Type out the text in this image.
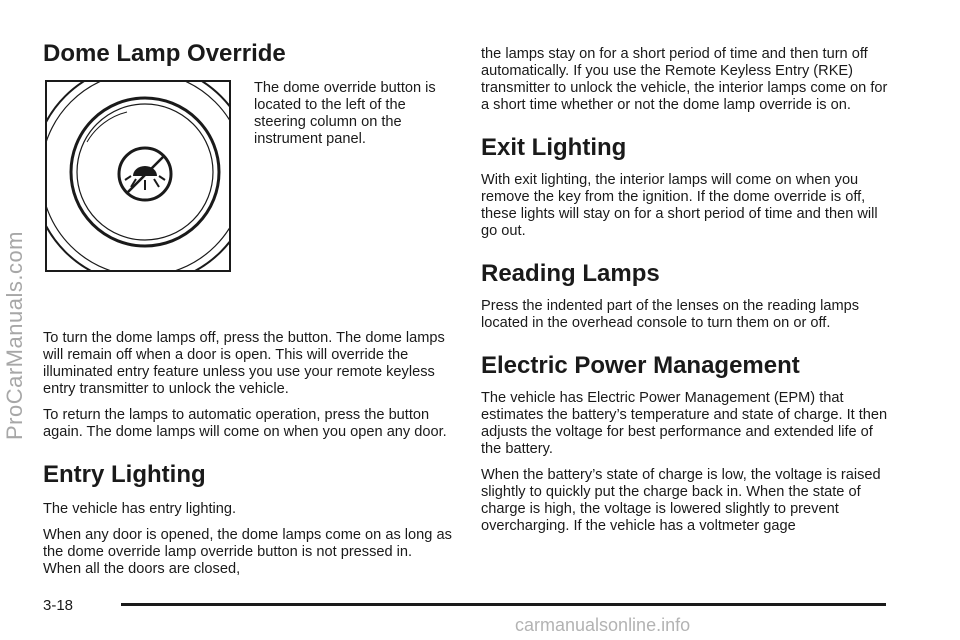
Dome Lamp Override

The dome override button is located to the left of the steering column on the instrument panel.

To turn the dome lamps off, press the button. The dome lamps will remain off when a door is open. This will override the illuminated entry feature unless you use your remote keyless entry transmitter to unlock the vehicle.

To return the lamps to automatic operation, press the button again. The dome lamps will come on when you open any door.

Entry Lighting

The vehicle has entry lighting.

When any door is opened, the dome lamps come on as long as the dome override lamp override button is not pressed in. When all the doors are closed,

the lamps stay on for a short period of time and then turn off automatically. If you use the Remote Keyless Entry (RKE) transmitter to unlock the vehicle, the interior lamps come on for a short time whether or not the dome lamp override is on.

Exit Lighting

With exit lighting, the interior lamps will come on when you remove the key from the ignition. If the dome override is off, these lights will stay on for a short period of time and then will go out.

Reading Lamps

Press the indented part of the lenses on the reading lamps located in the overhead console to turn them on or off.

Electric Power Management

The vehicle has Electric Power Management (EPM) that estimates the battery’s temperature and state of charge. It then adjusts the voltage for best performance and extended life of the battery.

When the battery’s state of charge is low, the voltage is raised slightly to quickly put the charge back in. When the state of charge is high, the voltage is lowered slightly to prevent overcharging. If the vehicle has a voltmeter gage

ProCarManuals.com
3-18
carmanualsonline.info
